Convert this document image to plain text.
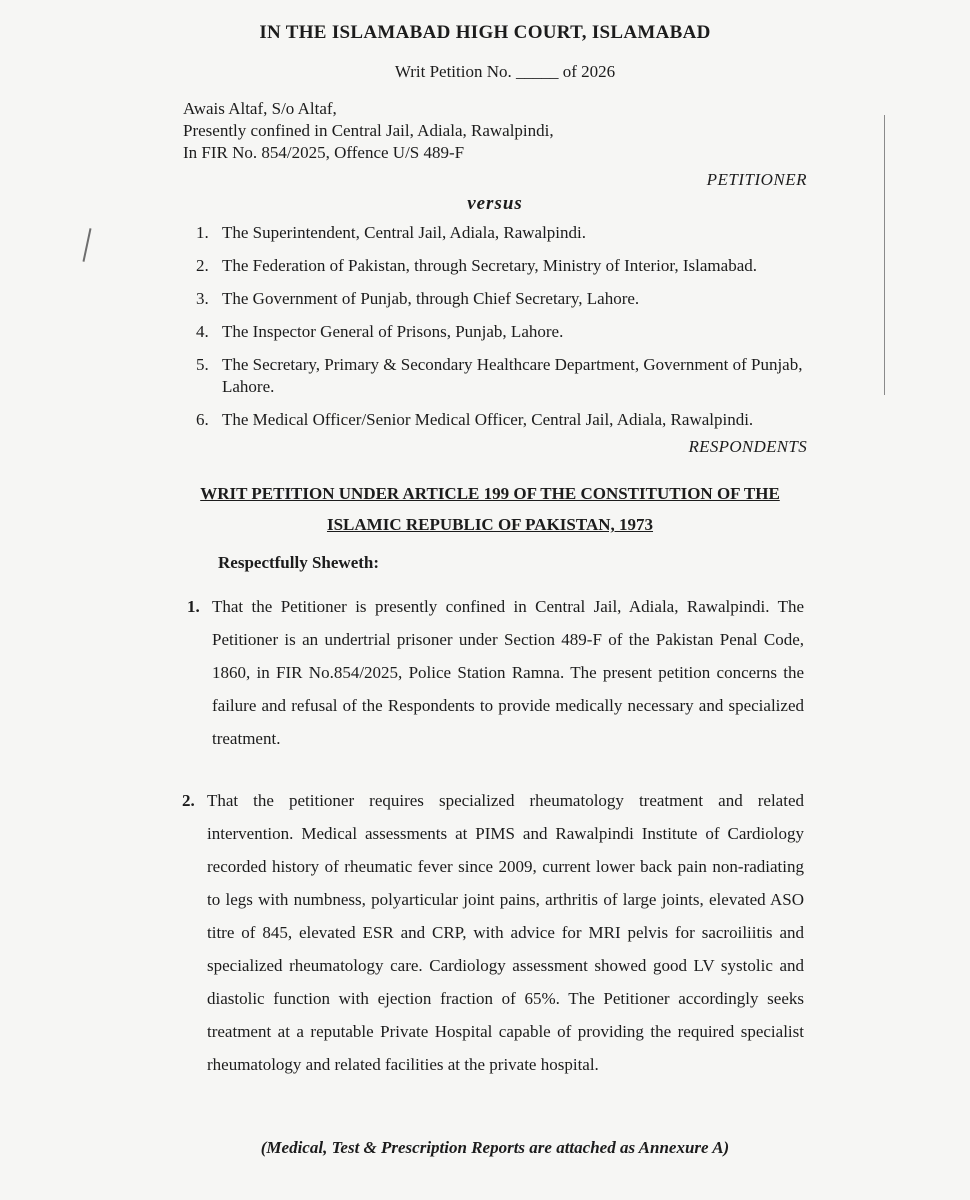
IN THE ISLAMABAD HIGH COURT, ISLAMABAD
Writ Petition No. _____ of 2026
Awais Altaf, S/o Altaf,
Presently confined in Central Jail, Adiala, Rawalpindi,
In FIR No. 854/2025, Offence U/S 489-F
PETITIONER
versus
1. The Superintendent, Central Jail, Adiala, Rawalpindi.
2. The Federation of Pakistan, through Secretary, Ministry of Interior, Islamabad.
3. The Government of Punjab, through Chief Secretary, Lahore.
4. The Inspector General of Prisons, Punjab, Lahore.
5. The Secretary, Primary & Secondary Healthcare Department, Government of Punjab, Lahore.
6. The Medical Officer/Senior Medical Officer, Central Jail, Adiala, Rawalpindi.
RESPONDENTS
WRIT PETITION UNDER ARTICLE 199 OF THE CONSTITUTION OF THE
ISLAMIC REPUBLIC OF PAKISTAN, 1973
Respectfully Sheweth:
1. That the Petitioner is presently confined in Central Jail, Adiala, Rawalpindi. The Petitioner is an undertrial prisoner under Section 489-F of the Pakistan Penal Code, 1860, in FIR No.854/2025, Police Station Ramna. The present petition concerns the failure and refusal of the Respondents to provide medically necessary and specialized treatment.
2. That the petitioner requires specialized rheumatology treatment and related intervention. Medical assessments at PIMS and Rawalpindi Institute of Cardiology recorded history of rheumatic fever since 2009, current lower back pain non-radiating to legs with numbness, polyarticular joint pains, arthritis of large joints, elevated ASO titre of 845, elevated ESR and CRP, with advice for MRI pelvis for sacroiliitis and specialized rheumatology care. Cardiology assessment showed good LV systolic and diastolic function with ejection fraction of 65%. The Petitioner accordingly seeks treatment at a reputable Private Hospital capable of providing the required specialist rheumatology and related facilities at the private hospital.
(Medical, Test & Prescription Reports are attached as Annexure A)
